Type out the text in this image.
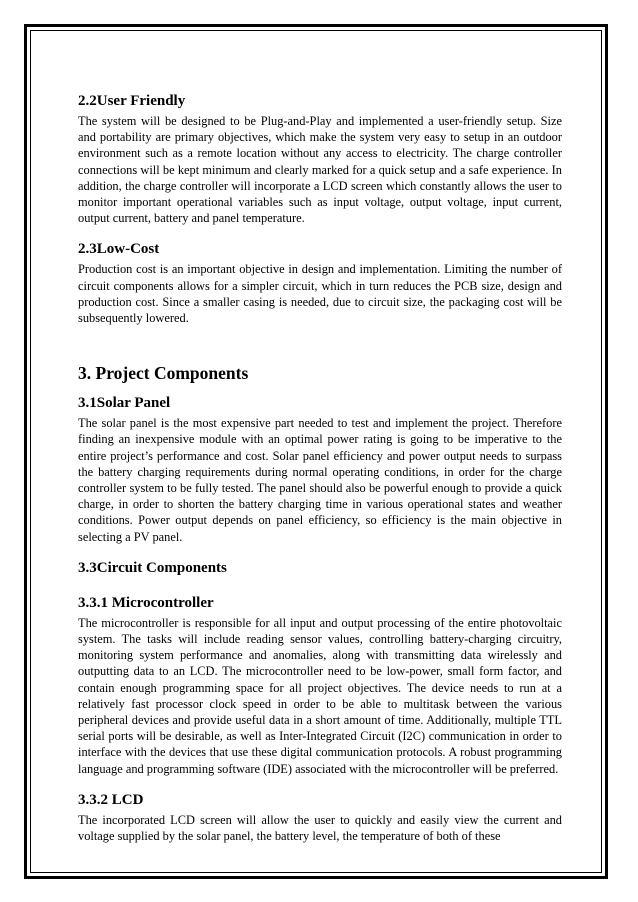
2.2User Friendly

The system will be designed to be Plug-and-Play and implemented a user-friendly setup. Size and portability are primary objectives, which make the system very easy to setup in an outdoor environment such as a remote location without any access to electricity. The charge controller connections will be kept minimum and clearly marked for a quick setup and a safe experience. In addition, the charge controller will incorporate a LCD screen which constantly allows the user to monitor important operational variables such as input voltage, output voltage, input current, output current, battery and panel temperature.

2.3Low-Cost

Production cost is an important objective in design and implementation. Limiting the number of circuit components allows for a simpler circuit, which in turn reduces the PCB size, design and production cost. Since a smaller casing is needed, due to circuit size, the packaging cost will be subsequently lowered.

3. Project Components
3.1Solar Panel

The solar panel is the most expensive part needed to test and implement the project. Therefore finding an inexpensive module with an optimal power rating is going to be imperative to the entire project’s performance and cost. Solar panel efficiency and power output needs to surpass the battery charging requirements during normal operating conditions, in order for the charge controller system to be fully tested. The panel should also be powerful enough to provide a quick charge, in order to shorten the battery charging time in various operational states and weather conditions. Power output depends on panel efficiency, so efficiency is the main objective in selecting a PV panel.

3.3Circuit Components
3.3.1 Microcontroller

The microcontroller is responsible for all input and output processing of the entire photovoltaic system. The tasks will include reading sensor values, controlling battery-charging circuitry, monitoring system performance and anomalies, along with transmitting data wirelessly and outputting data to an LCD. The microcontroller need to be low-power, small form factor, and contain enough programming space for all project objectives. The device needs to run at a relatively fast processor clock speed in order to be able to multitask between the various peripheral devices and provide useful data in a short amount of time. Additionally, multiple TTL serial ports will be desirable, as well as Inter-Integrated Circuit (I2C) communication in order to interface with the devices that use these digital communication protocols. A robust programming language and programming software (IDE) associated with the microcontroller will be preferred.

3.3.2 LCD

The incorporated LCD screen will allow the user to quickly and easily view the current and voltage supplied by the solar panel, the battery level, the temperature of both of these
